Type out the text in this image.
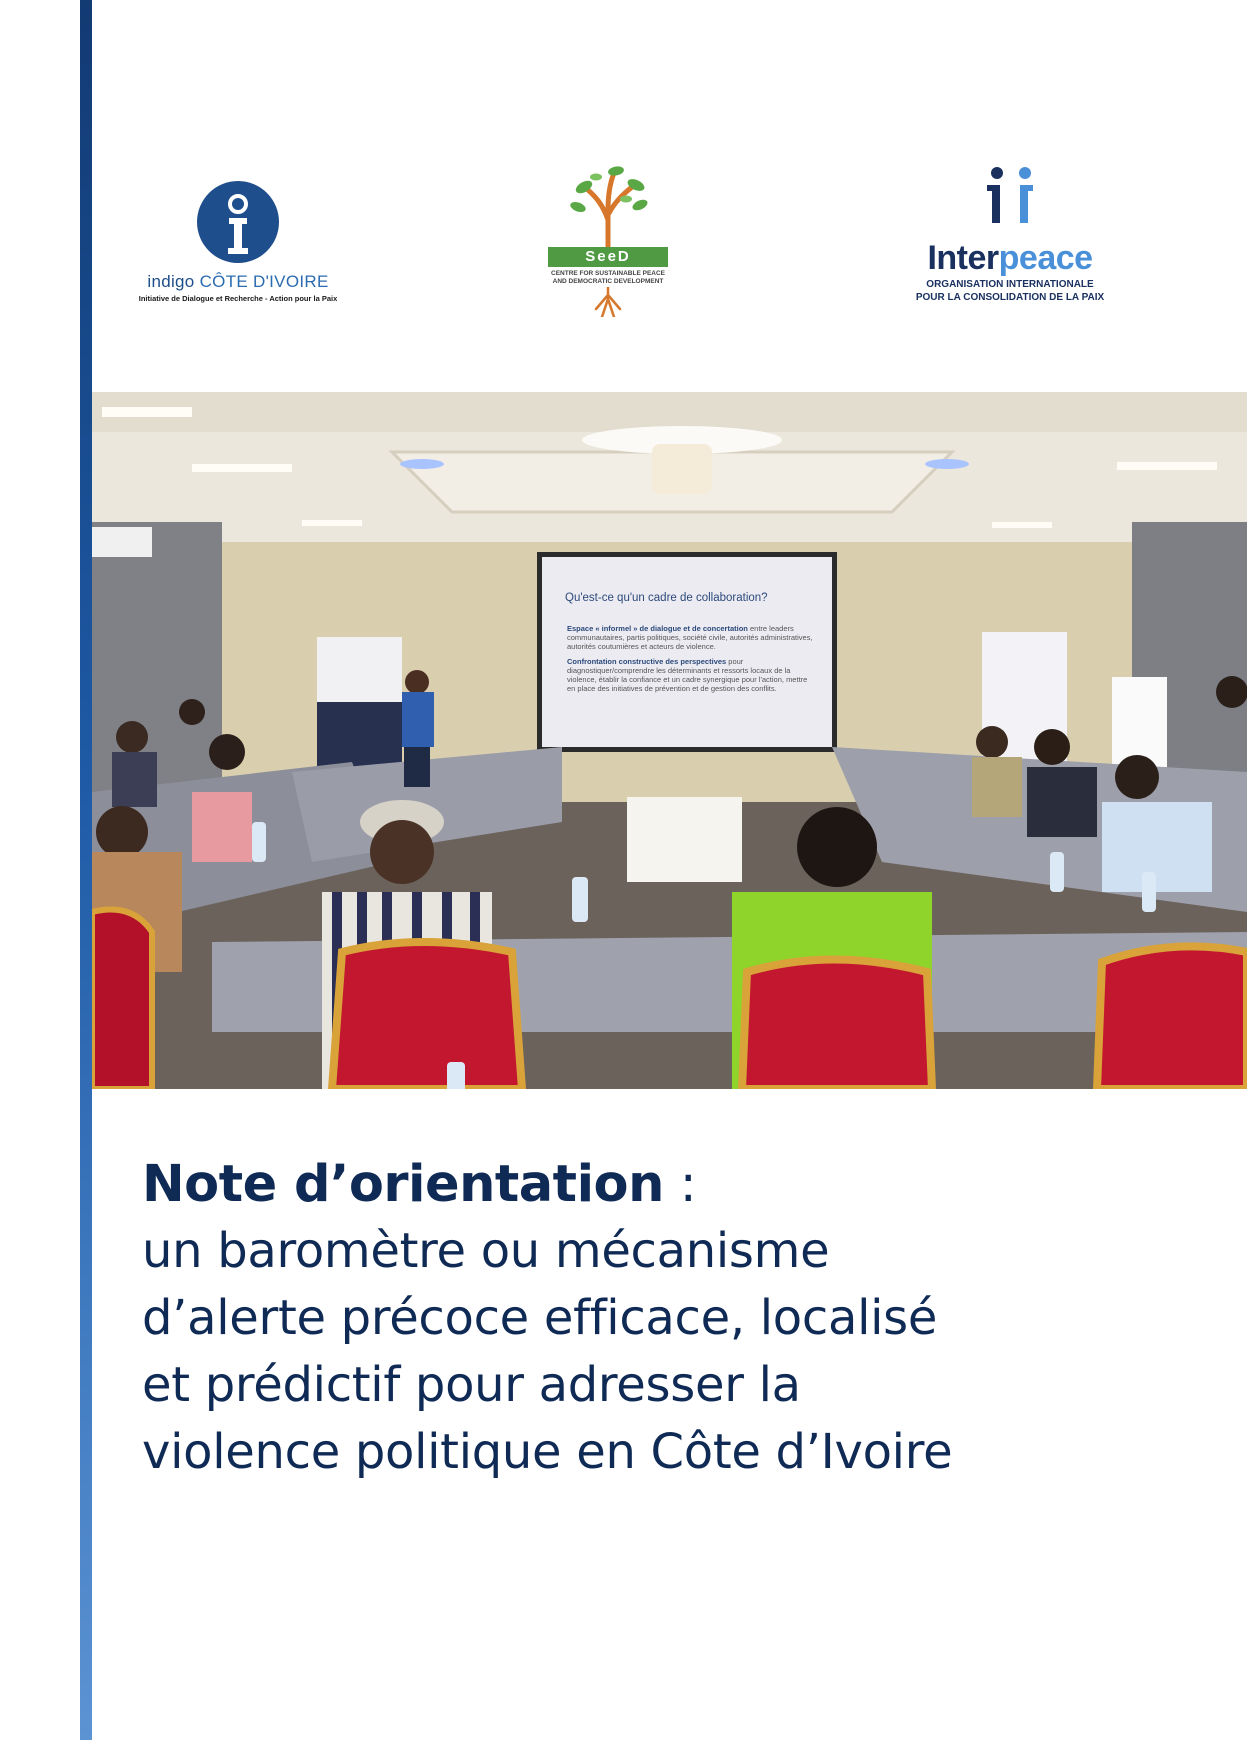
indigo CÔTE D'IVOIRE
Initiative de Dialogue et Recherche - Action pour la Paix
SeeD
CENTRE FOR SUSTAINABLE PEACE
AND DEMOCRATIC DEVELOPMENT
Interpeace
ORGANISATION INTERNATIONALE
POUR LA CONSOLIDATION DE LA PAIX
Qu'est-ce qu'un cadre de collaboration?
Espace « informel » de dialogue et de concertation entre leaders communautaires, partis politiques, société civile, autorités administratives, autorités coutumières et acteurs de violence.
Confrontation constructive des perspectives pour diagnostiquer/comprendre les déterminants et ressorts locaux de la violence, établir la confiance et un cadre synergique pour l'action, mettre en place des initiatives de prévention et de gestion des conflits.
Note d’orientation :
un baromètre ou mécanisme
d’alerte précoce efficace, localisé
et prédictif pour adresser la
violence politique en Côte d’Ivoire
